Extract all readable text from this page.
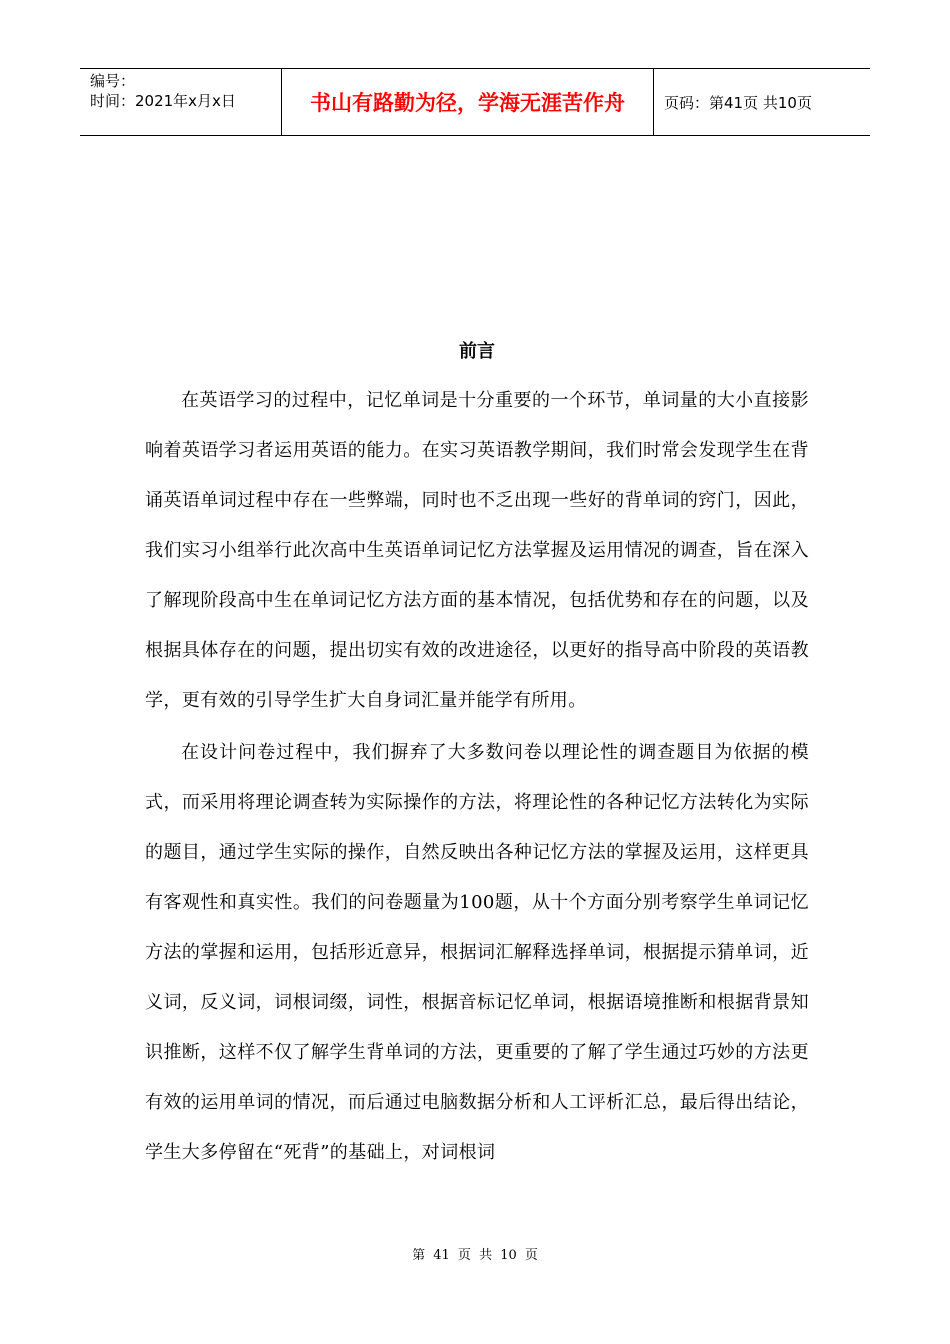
编号：
时间：2021年x月x日	书山有路勤为径，学海无涯苦作舟	页码：第41页 共10页
前言

在英语学习的过程中，记忆单词是十分重要的一个环节，单词量的大小直接影响着英语学习者运用英语的能力。在实习英语教学期间，我们时常会发现学生在背诵英语单词过程中存在一些弊端，同时也不乏出现一些好的背单词的窍门，因此，我们实习小组举行此次高中生英语单词记忆方法掌握及运用情况的调查，旨在深入了解现阶段高中生在单词记忆方法方面的基本情况，包括优势和存在的问题，以及根据具体存在的问题，提出切实有效的改进途径，以更好的指导高中阶段的英语教学，更有效的引导学生扩大自身词汇量并能学有所用。

在设计问卷过程中，我们摒弃了大多数问卷以理论性的调查题目为依据的模式，而采用将理论调查转为实际操作的方法，将理论性的各种记忆方法转化为实际的题目，通过学生实际的操作，自然反映出各种记忆方法的掌握及运用，这样更具有客观性和真实性。我们的问卷题量为100题，从十个方面分别考察学生单词记忆方法的掌握和运用，包括形近意异，根据词汇解释选择单词，根据提示猜单词，近义词，反义词，词根词缀，词性，根据音标记忆单词，根据语境推断和根据背景知识推断，这样不仅了解学生背单词的方法，更重要的了解了学生通过巧妙的方法更有效的运用单词的情况，而后通过电脑数据分析和人工评析汇总，最后得出结论，学生大多停留在“死背”的基础上，对词根词

第 41 页 共 10 页
